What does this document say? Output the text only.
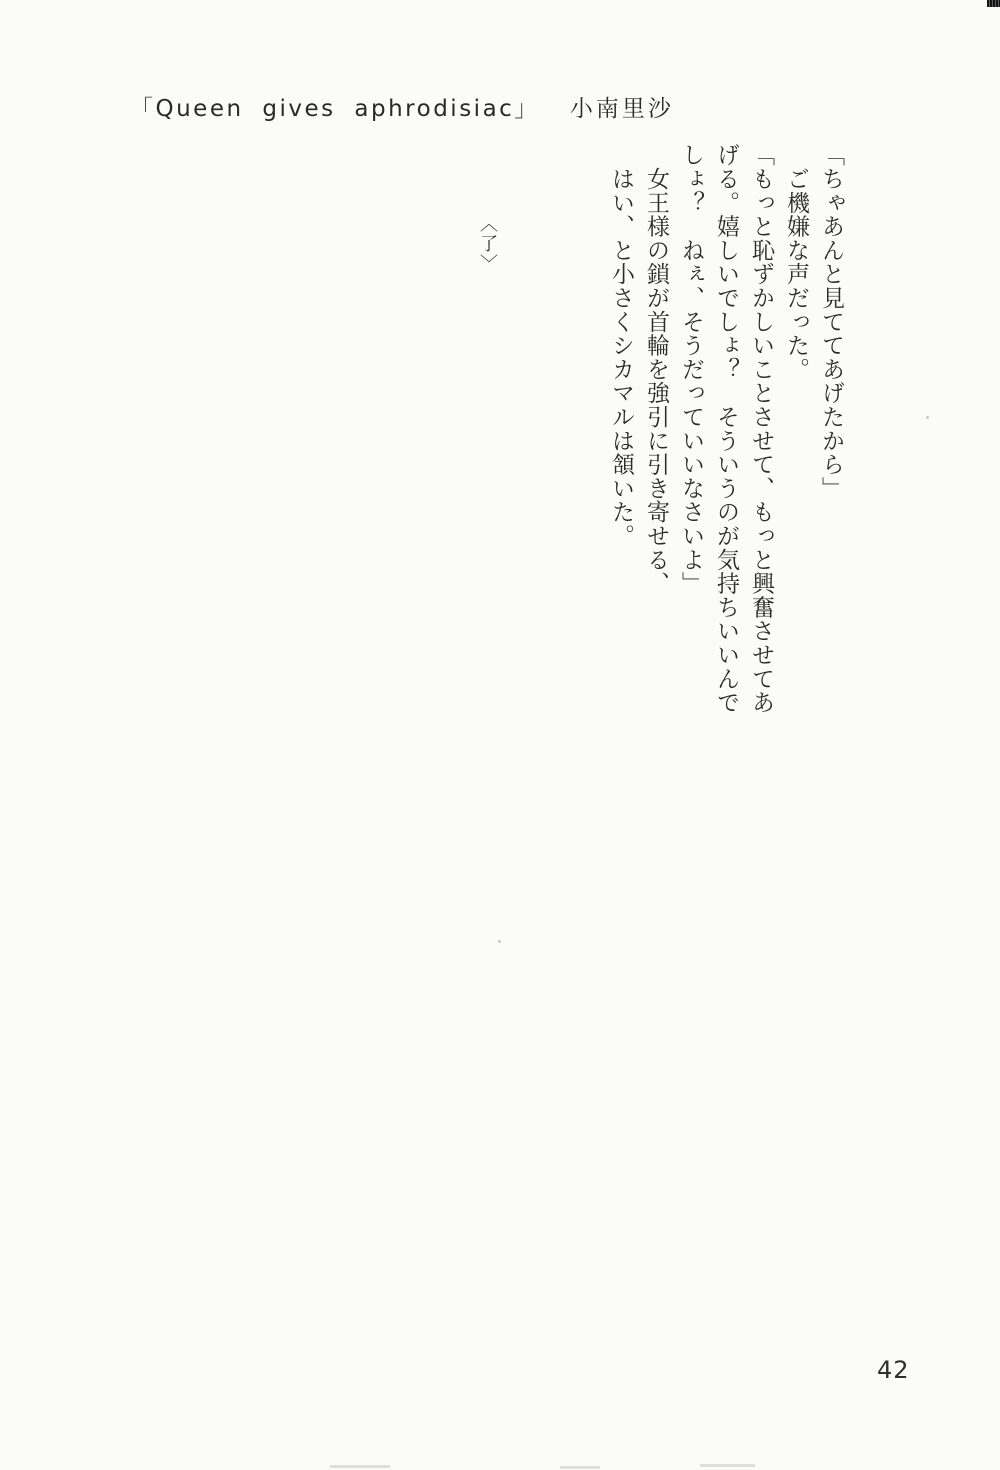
「Queen gives aphrodisiac」 小南里沙

「ちゃあんと見ててあげたから」

　ご機嫌な声だった。

「もっと恥ずかしいことさせて、もっと興奮させてあ

げる。嬉しいでしょ？　そういうのが気持ちいいんで

しょ？　ねぇ、そうだっていいなさいよ」

　女王様の鎖が首輪を強引に引き寄せる、

　はい、と小さくシカマルは頷いた。

〈了〉
42
